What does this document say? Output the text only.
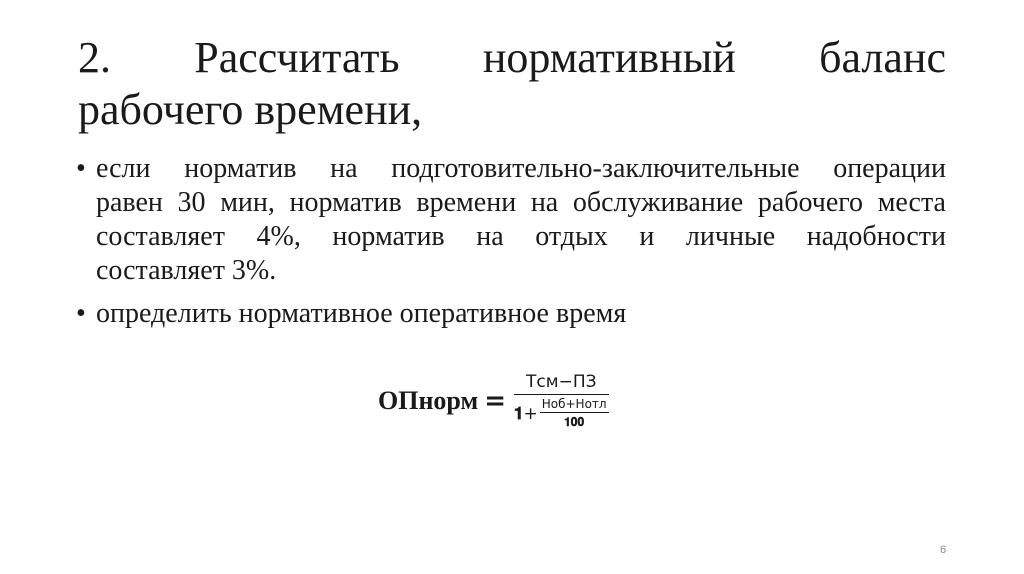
2. Рассчитать нормативный баланс
рабочего времени,
• если норматив на подготовительно-заключительные операции
равен 30 мин, норматив времени на обслуживание рабочего места
составляет 4%, норматив на отдых и личные надобности
составляет 3%.
• определить нормативное оперативное время
ОПнорм =
Тсм−ПЗ
𝟏 + $\frac{\text{Ноб+Нотл}}{𝟏𝟎𝟎}$
6
